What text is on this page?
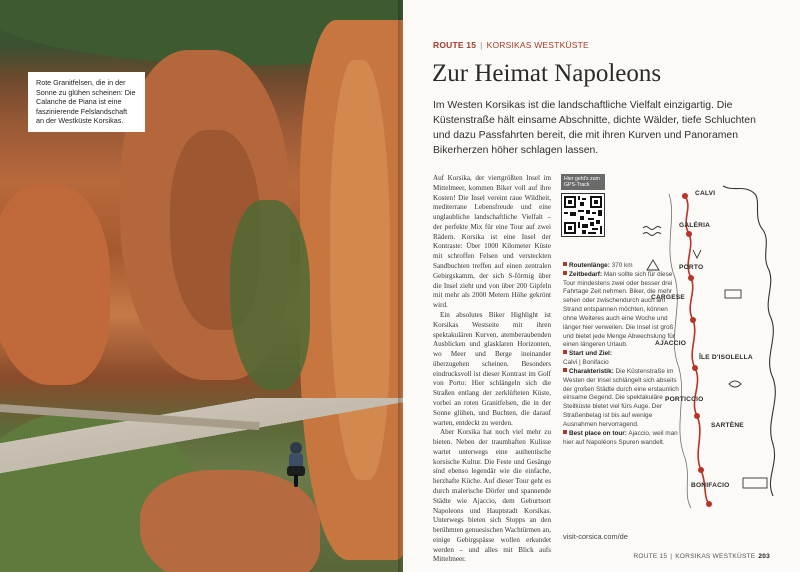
Rote Granitfelsen, die in der Sonne zu glühen scheinen: Die Calanche de Piana ist eine faszinierende Felslandschaft an der Westküste Korsikas.
ROUTE 15 | KORSIKAS WESTKÜSTE
Zur Heimat Napoleons
Im Westen Korsikas ist die landschaftliche Vielfalt einzigartig. Die Küstenstraße hält einsame Abschnitte, dichte Wälder, tiefe Schluchten und dazu Passfahrten bereit, die mit ihren Kurven und Panoramen Bikerherzen höher schlagen lassen.

Auf Korsika, der viertgrößten Insel im Mittelmeer, kommen Biker voll auf ihre Kosten! Die Insel vereint raue Wildheit, mediterrane Lebensfreude und eine unglaubliche landschaftliche Vielfalt – der perfekte Mix für eine Tour auf zwei Rädern. Korsika ist eine Insel der Kontraste: Über 1000 Kilometer Küste mit schroffen Felsen und versteckten Sandbuchten treffen auf einen zentralen Gebirgskamm, der sich S-förmig über die Insel zieht und von über 200 Gipfeln mit mehr als 2000 Metern Höhe gekrönt wird.

Ein absolutes Biker Highlight ist Korsikas Westseite mit ihren spektakulären Kurven, atemberaubenden Ausblicken und glasklaren Horizonten, wo Meer und Berge ineinander überzugehen scheinen. Besonders eindrucksvoll ist dieser Kontrast im Golf von Porto: Hier schlängeln sich die Straßen entlang der zerklüfteten Küste, vorbei an roten Granitfelsen, die in der Sonne glühen, und Buchten, die darauf warten, entdeckt zu werden.

Aber Korsika hat noch viel mehr zu bieten. Neben der traumhaften Kulisse wartet unterwegs eine authentische korsische Kultur. Die Feste und Gesänge sind ebenso legendär wie die einfache, herzhafte Küche. Auf dieser Tour geht es durch malerische Dörfer und spannende Städte wie Ajaccio, dem Geburtsort Napoleons und Hauptstadt Korsikas. Unterwegs bieten sich Stopps an den berühmten genuesischen Wachtürmen an, einige Gebirgspässe wollen erkundet werden – und alles mit Blick aufs Mittelmeer.

Hier geht's zum GPS-Track
Routenlänge: 370 km
Zeitbedarf: Man sollte sich für diese Tour mindestens zwei oder besser drei Fahrtage Zeit nehmen. Biker, die mehr sehen oder zwischendurch auch am Strand entspannen möchten, können ohne Weiteres auch eine Woche und länger hier verweilen. Die Insel ist groß und bietet jede Menge Abwechslung für einen längeren Urlaub.
Start und Ziel:
Calvi | Bonifacio
Charakteristik: Die Küstenstraße im Westen der Insel schlängelt sich abseits der großen Städte durch eine erstaunlich einsame Gegend. Die spektakuläre Steilküste bietet viel fürs Auge. Der Straßenbelag ist bis auf wenige Ausnahmen hervorragend.
Best place on tour: Ajaccio, weil man hier auf Napoléons Spuren wandelt.
visit-corsica.com/de
CALVI
GALÉRIA
PORTO
CARGESE
AJACCIO
ÎLE D'ISOLELLA
PORTICCIO
SARTÈNE
BONIFACIO
ROUTE 15 | KORSIKAS WESTKÜSTE 203
